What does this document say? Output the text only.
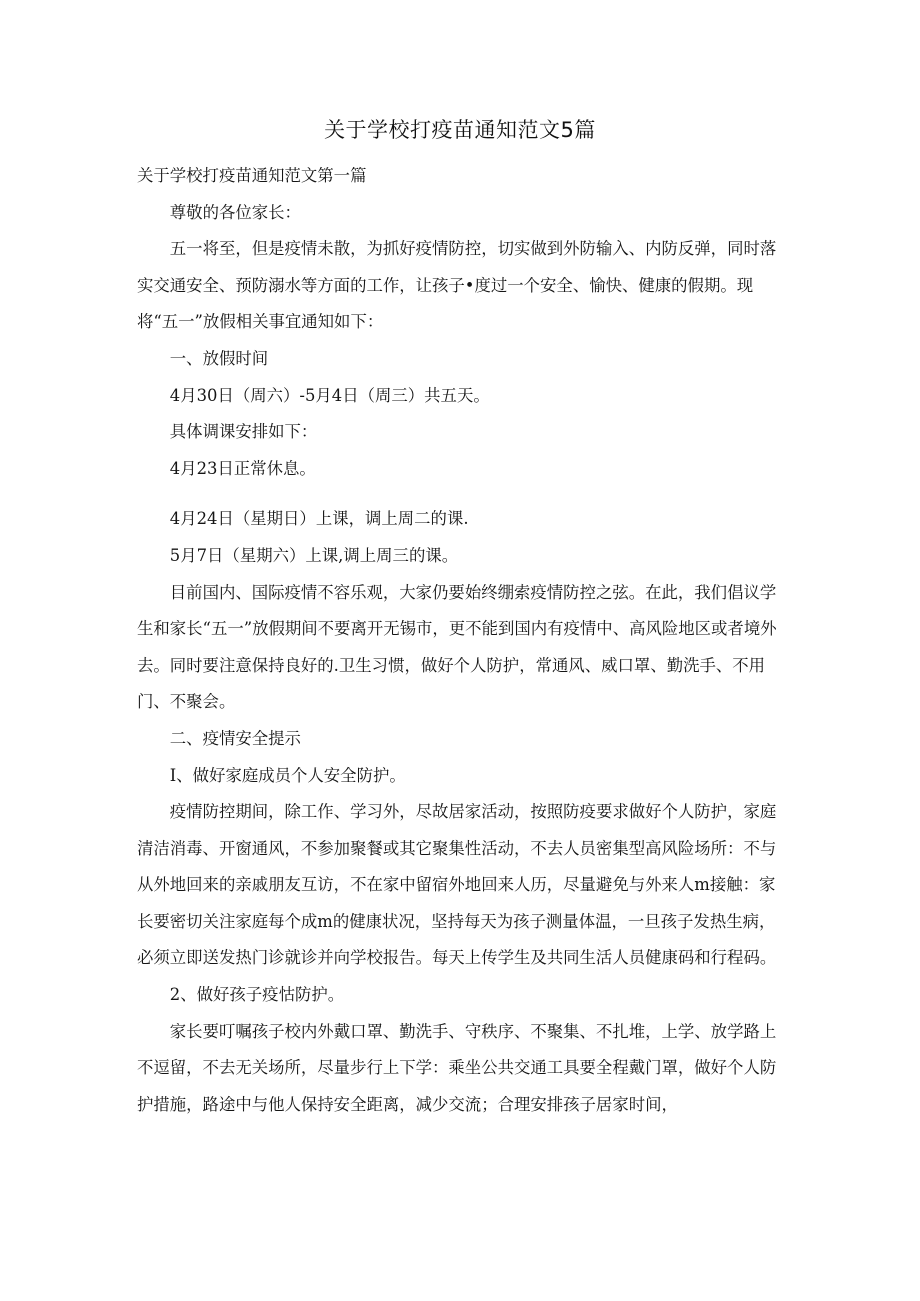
关于学校打疫苗通知范文5篇

关于学校打疫苗通知范文第一篇

尊敬的各位家长：

五一将至，但是疫情未散，为抓好疫情防控，切实做到外防输入、内防反弹，同时落实交通安全、预防溺水等方面的工作，让孩子•度过一个安全、愉快、健康的假期。现将“五一”放假相关事宜通知如下：

一、放假时间

4月30日（周六）-5月4日（周三）共五天。

具体调课安排如下：

4月23日正常休息。

4月24日（星期日）上课，调上周二的课.

5月7日（星期六）上课,调上周三的课。

目前国内、国际疫情不容乐观，大家仍要始终绷索疫情防控之弦。在此，我们倡议学生和家长“五一”放假期间不要离开无锡市，更不能到国内有疫情中、高风险地区或者境外去。同时要注意保持良好的.卫生习惯，做好个人防护，常通风、威口罩、勤洗手、不用门、不聚会。

二、疫情安全提示

I、做好家庭成员个人安全防护。

疫情防控期间，除工作、学习外，尽故居家活动，按照防疫要求做好个人防护，家庭清洁消毒、开窗通风，不参加聚餐或其它聚集性活动，不去人员密集型高风险场所：不与从外地回来的亲戚朋友互访，不在家中留宿外地回来人历，尽量避免与外来人m接触：家长要密切关注家庭每个成m的健康状况，坚持每天为孩子测量体温，一旦孩子发热生病，必须立即送发热门诊就诊并向学校报告。每天上传学生及共同生活人员健康码和行程码。

2、做好孩子疫怙防护。

家长要叮嘱孩子校内外戴口罩、勤洗手、守秩序、不聚集、不扎堆，上学、放学路上不逗留，不去无关场所，尽量步行上下学：乘坐公共交通工具要全程戴门罩，做好个人防护措施，路途中与他人保持安全距离，减少交流；合理安排孩子居家时间，
